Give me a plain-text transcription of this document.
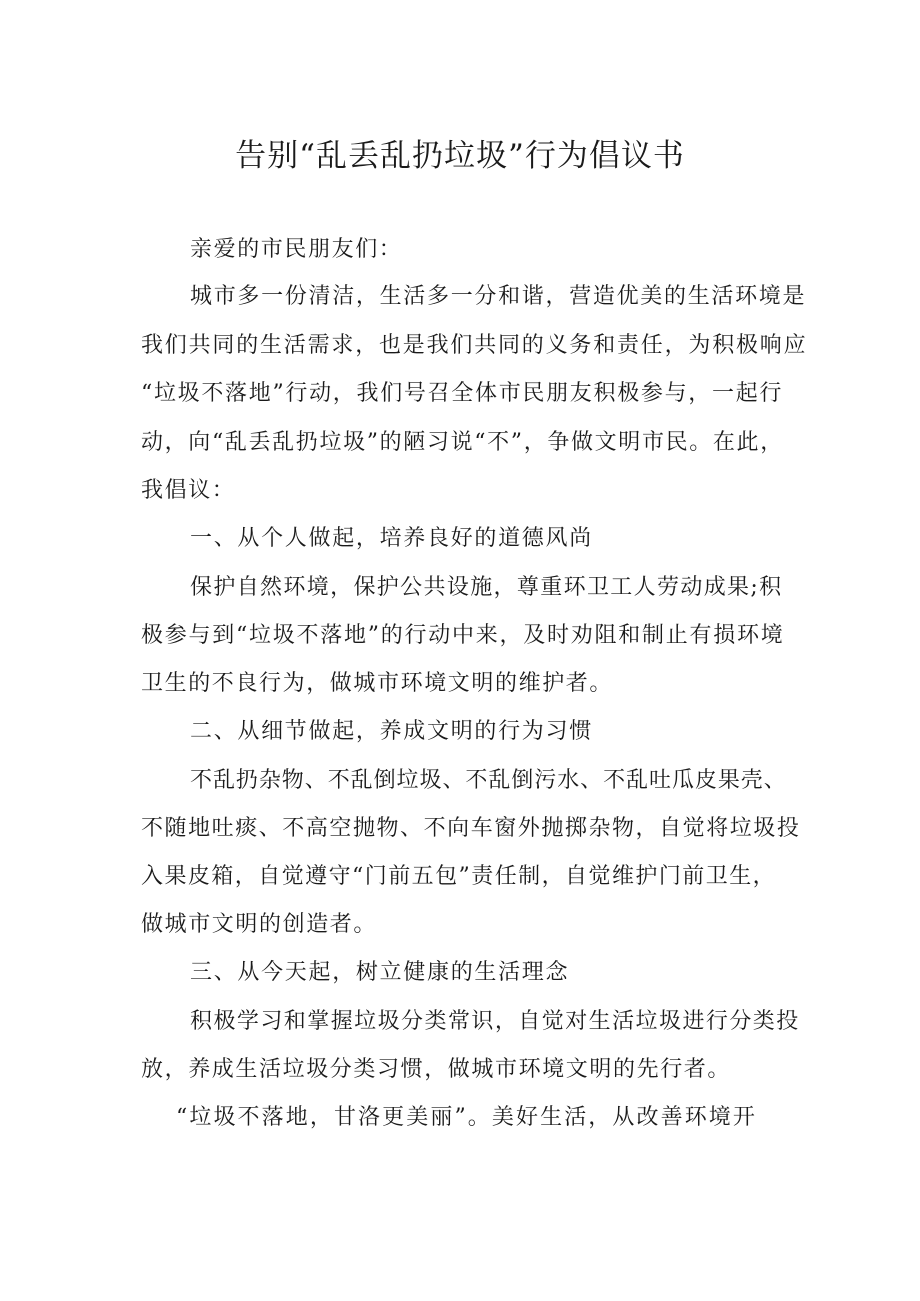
告别“乱丢乱扔垃圾”行为倡议书

亲爱的市民朋友们：

城市多一份清洁，生活多一分和谐，营造优美的生活环境是

我们共同的生活需求，也是我们共同的义务和责任，为积极响应

“垃圾不落地”行动，我们号召全体市民朋友积极参与，一起行

动，向“乱丢乱扔垃圾”的陋习说“不”，争做文明市民。在此，

我倡议：

一、从个人做起，培养良好的道德风尚

保护自然环境，保护公共设施，尊重环卫工人劳动成果;积

极参与到“垃圾不落地”的行动中来，及时劝阻和制止有损环境

卫生的不良行为，做城市环境文明的维护者。

二、从细节做起，养成文明的行为习惯

不乱扔杂物、不乱倒垃圾、不乱倒污水、不乱吐瓜皮果壳、

不随地吐痰、不高空抛物、不向车窗外抛掷杂物，自觉将垃圾投

入果皮箱，自觉遵守“门前五包”责任制，自觉维护门前卫生，

做城市文明的创造者。

三、从今天起，树立健康的生活理念

积极学习和掌握垃圾分类常识，自觉对生活垃圾进行分类投

放，养成生活垃圾分类习惯，做城市环境文明的先行者。

“垃圾不落地，甘洛更美丽”。美好生活，从改善环境开
